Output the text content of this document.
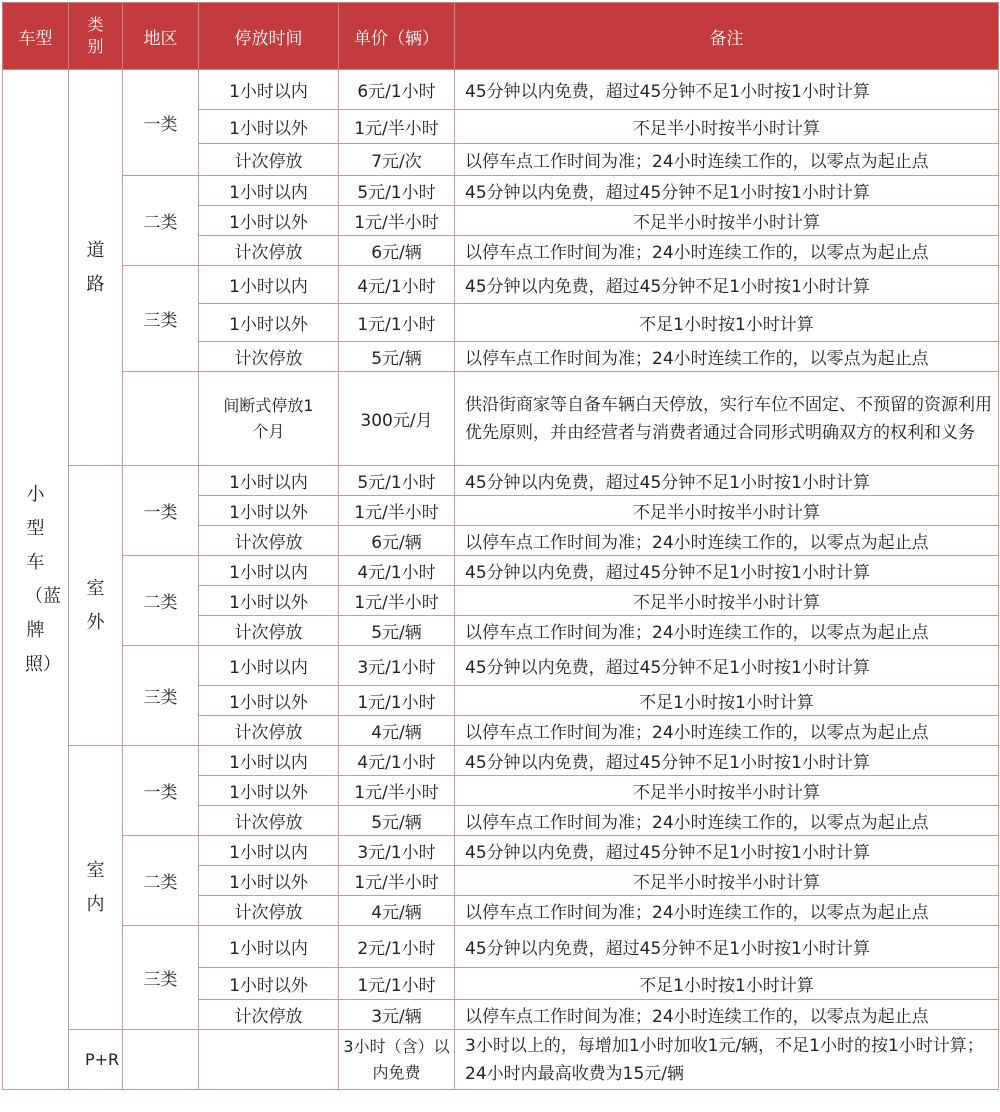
车型	类别	地区	停放时间	单价（辆）	备注
小型车（蓝牌照）	道路	一类	1小时以内	6元/1小时	45分钟以内免费，超过45分钟不足1小时按1小时计算
			1小时以外	1元/半小时	不足半小时按半小时计算
			计次停放	7元/次	以停车点工作时间为准；24小时连续工作的，以零点为起止点
		二类	1小时以内	5元/1小时	45分钟以内免费，超过45分钟不足1小时按1小时计算
			1小时以外	1元/半小时	不足半小时按半小时计算
			计次停放	6元/辆	以停车点工作时间为准；24小时连续工作的，以零点为起止点
		三类	1小时以内	4元/1小时	45分钟以内免费，超过45分钟不足1小时按1小时计算
			1小时以外	1元/1小时	不足1小时按1小时计算
			计次停放	5元/辆	以停车点工作时间为准；24小时连续工作的，以零点为起止点
			间断式停放1个月	300元/月	供沿街商家等自备车辆白天停放，实行车位不固定、不预留的资源利用优先原则，并由经营者与消费者通过合同形式明确双方的权利和义务
	室外	一类	1小时以内	5元/1小时	45分钟以内免费，超过45分钟不足1小时按1小时计算
			1小时以外	1元/半小时	不足半小时按半小时计算
			计次停放	6元/辆	以停车点工作时间为准；24小时连续工作的，以零点为起止点
		二类	1小时以内	4元/1小时	45分钟以内免费，超过45分钟不足1小时按1小时计算
			1小时以外	1元/半小时	不足半小时按半小时计算
			计次停放	5元/辆	以停车点工作时间为准；24小时连续工作的，以零点为起止点
		三类	1小时以内	3元/1小时	45分钟以内免费，超过45分钟不足1小时按1小时计算
			1小时以外	1元/1小时	不足1小时按1小时计算
			计次停放	4元/辆	以停车点工作时间为准；24小时连续工作的，以零点为起止点
	室内	一类	1小时以内	4元/1小时	45分钟以内免费，超过45分钟不足1小时按1小时计算
			1小时以外	1元/半小时	不足半小时按半小时计算
			计次停放	5元/辆	以停车点工作时间为准；24小时连续工作的，以零点为起止点
		二类	1小时以内	3元/1小时	45分钟以内免费，超过45分钟不足1小时按1小时计算
			1小时以外	1元/半小时	不足半小时按半小时计算
			计次停放	4元/辆	以停车点工作时间为准；24小时连续工作的，以零点为起止点
		三类	1小时以内	2元/1小时	45分钟以内免费，超过45分钟不足1小时按1小时计算
			1小时以外	1元/1小时	不足1小时按1小时计算
			计次停放	3元/辆	以停车点工作时间为准；24小时连续工作的，以零点为起止点
	P+R			3小时（含）以内免费	3小时以上的，每增加1小时加收1元/辆，不足1小时的按1小时计算；24小时内最高收费为15元/辆
